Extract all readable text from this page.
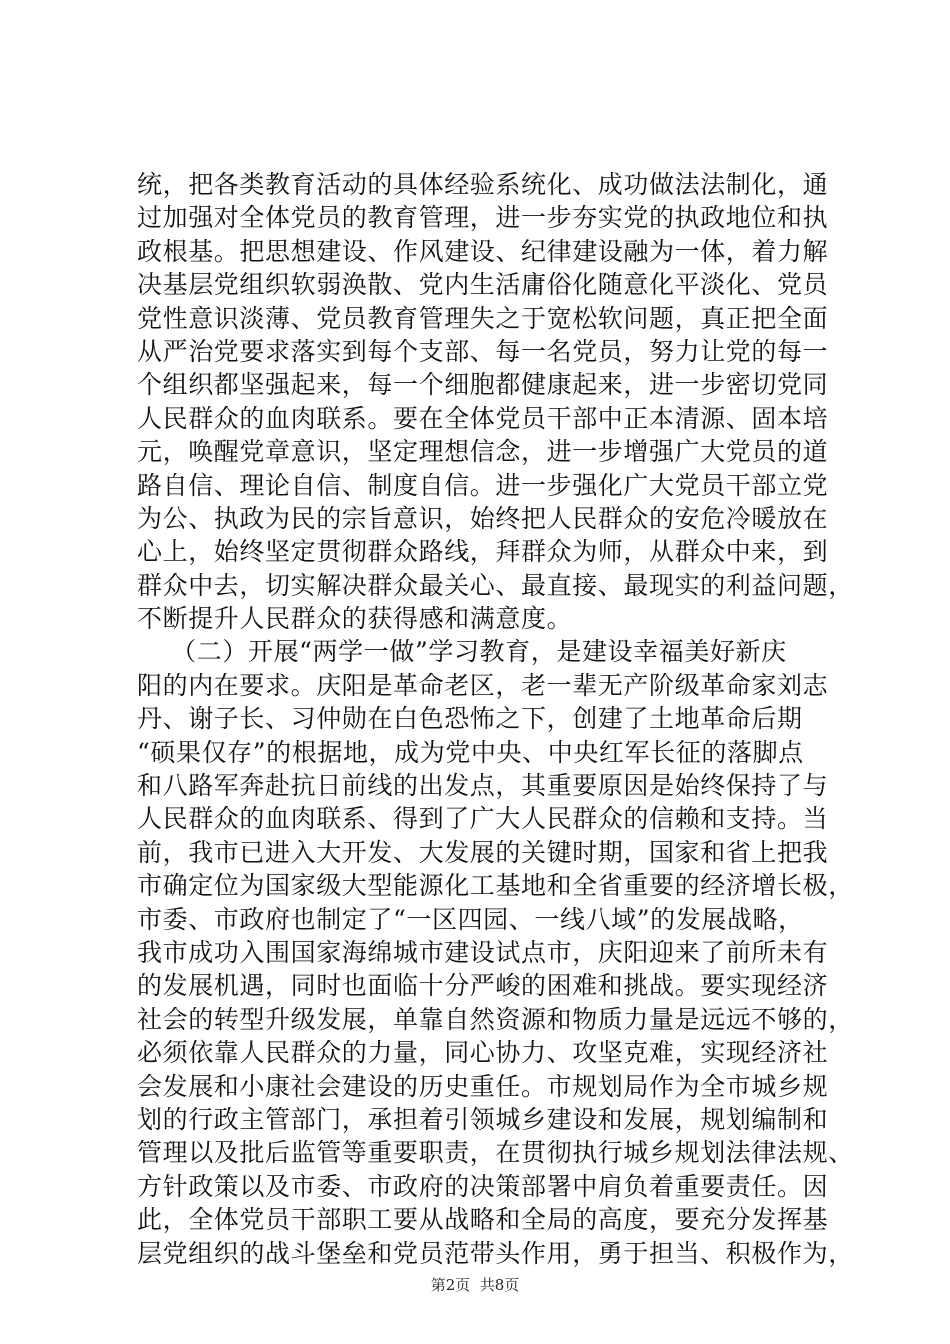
统，把各类教育活动的具体经验系统化、成功做法法制化，通
过加强对全体党员的教育管理，进一步夯实党的执政地位和执
政根基。把思想建设、作风建设、纪律建设融为一体，着力解
决基层党组织软弱涣散、党内生活庸俗化随意化平淡化、党员
党性意识淡薄、党员教育管理失之于宽松软问题，真正把全面
从严治党要求落实到每个支部、每一名党员，努力让党的每一
个组织都坚强起来，每一个细胞都健康起来，进一步密切党同
人民群众的血肉联系。要在全体党员干部中正本清源、固本培
元，唤醒党章意识，坚定理想信念，进一步增强广大党员的道
路自信、理论自信、制度自信。进一步强化广大党员干部立党
为公、执政为民的宗旨意识，始终把人民群众的安危冷暖放在
心上，始终坚定贯彻群众路线，拜群众为师，从群众中来，到
群众中去，切实解决群众最关心、最直接、最现实的利益问题，
不断提升人民群众的获得感和满意度。
（二）开展“两学一做”学习教育，是建设幸福美好新庆
阳的内在要求。庆阳是革命老区，老一辈无产阶级革命家刘志
丹、谢子长、习仲勋在白色恐怖之下，创建了土地革命后期
“硕果仅存”的根据地，成为党中央、中央红军长征的落脚点
和八路军奔赴抗日前线的出发点，其重要原因是始终保持了与
人民群众的血肉联系、得到了广大人民群众的信赖和支持。当
前，我市已进入大开发、大发展的关键时期，国家和省上把我
市确定位为国家级大型能源化工基地和全省重要的经济增长极，
市委、市政府也制定了“一区四园、一线八域”的发展战略，
我市成功入围国家海绵城市建设试点市，庆阳迎来了前所未有
的发展机遇，同时也面临十分严峻的困难和挑战。要实现经济
社会的转型升级发展，单靠自然资源和物质力量是远远不够的，
必须依靠人民群众的力量，同心协力、攻坚克难，实现经济社
会发展和小康社会建设的历史重任。市规划局作为全市城乡规
划的行政主管部门，承担着引领城乡建设和发展，规划编制和
管理以及批后监管等重要职责，在贯彻执行城乡规划法律法规、
方针政策以及市委、市政府的决策部署中肩负着重要责任。因
此，全体党员干部职工要从战略和全局的高度，要充分发挥基
层党组织的战斗堡垒和党员范带头作用，勇于担当、积极作为，
第2页  共8页
